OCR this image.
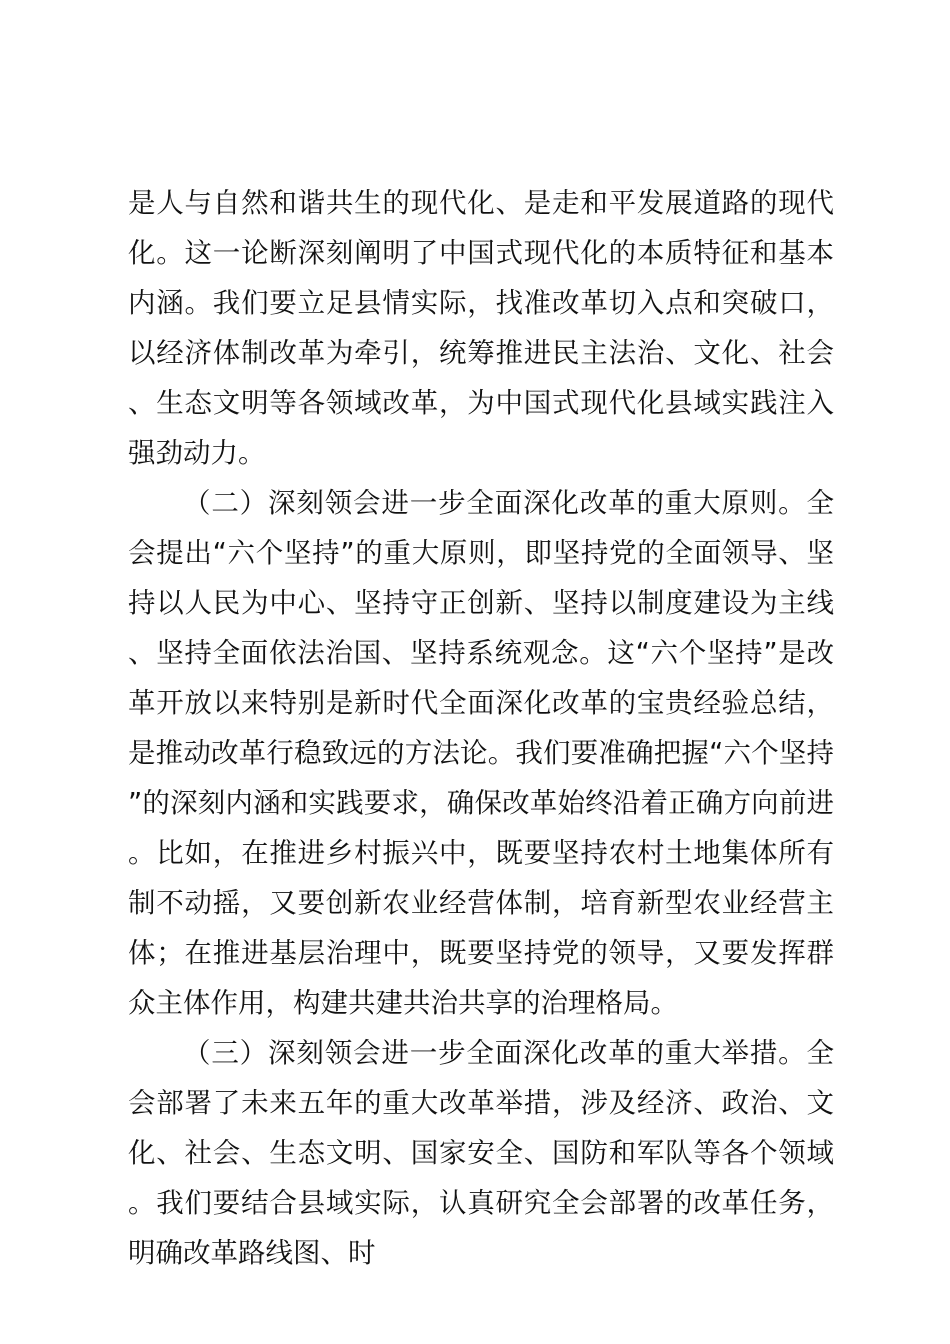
是人与自然和谐共生的现代化、是走和平发展道路的现代化。这一论断深刻阐明了中国式现代化的本质特征和基本内涵。我们要立足县情实际，找准改革切入点和突破口，以经济体制改革为牵引，统筹推进民主法治、文化、社会、生态文明等各领域改革，为中国式现代化县域实践注入强劲动力。

（二）深刻领会进一步全面深化改革的重大原则。全会提出“六个坚持”的重大原则，即坚持党的全面领导、坚持以人民为中心、坚持守正创新、坚持以制度建设为主线、坚持全面依法治国、坚持系统观念。这“六个坚持”是改革开放以来特别是新时代全面深化改革的宝贵经验总结，是推动改革行稳致远的方法论。我们要准确把握“六个坚持”的深刻内涵和实践要求，确保改革始终沿着正确方向前进。比如，在推进乡村振兴中，既要坚持农村土地集体所有制不动摇，又要创新农业经营体制，培育新型农业经营主体；在推进基层治理中，既要坚持党的领导，又要发挥群众主体作用，构建共建共治共享的治理格局。

（三）深刻领会进一步全面深化改革的重大举措。全会部署了未来五年的重大改革举措，涉及经济、政治、文化、社会、生态文明、国家安全、国防和军队等各个领域。我们要结合县域实际，认真研究全会部署的改革任务，明确改革路线图、时
